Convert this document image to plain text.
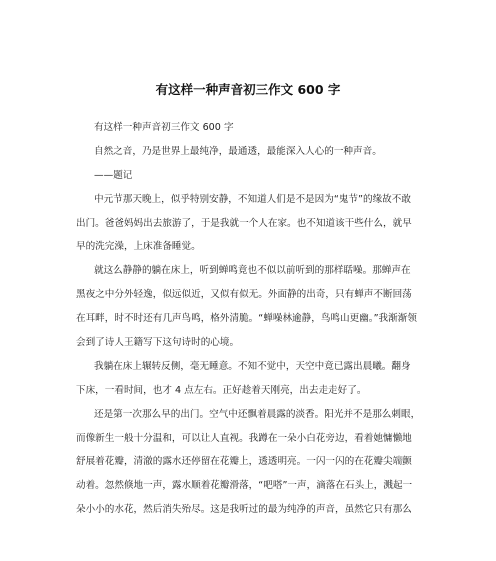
有这样一种声音初三作文 600 字
有这样一种声音初三作文 600 字
自然之音，乃是世界上最纯净，最通透，最能深入人心的一种声音。
——题记
中元节那天晚上，似乎特别安静，不知道人们是不是因为“鬼节”的缘故不敢
出门。爸爸妈妈出去旅游了，于是我就一个人在家。也不知道该干些什么，就早
早的洗完澡，上床准备睡觉。
就这么静静的躺在床上，听到蝉鸣竟也不似以前听到的那样聒噪。那蝉声在
黑夜之中分外轻逸，似远似近，又似有似无。外面静的出奇，只有蝉声不断回荡
在耳畔，时不时还有几声鸟鸣，格外清脆。“蝉噪林逾静，鸟鸣山更幽。”我渐渐领
会到了诗人王籍写下这句诗时的心境。
我躺在床上辗转反侧，毫无睡意。不知不觉中，天空中竟已露出晨曦。翻身
下床，一看时间，也才 4 点左右。正好趁着天刚亮，出去走走好了。
还是第一次那么早的出门。空气中还飘着晨露的淡香。阳光并不是那么刺眼，
而像新生一般十分温和，可以让人直视。我蹲在一朵小白花旁边，看着她慵懒地
舒展着花瓣，清澈的露水还停留在花瓣上，透透明亮。一闪一闪的在花瓣尖端颤
动着。忽然倏地一声，露水顺着花瓣滑落，“吧嗒”一声，滴落在石头上，溅起一
朵小小的水花，然后消失殆尽。这是我听过的最为纯净的声音，虽然它只有那么
